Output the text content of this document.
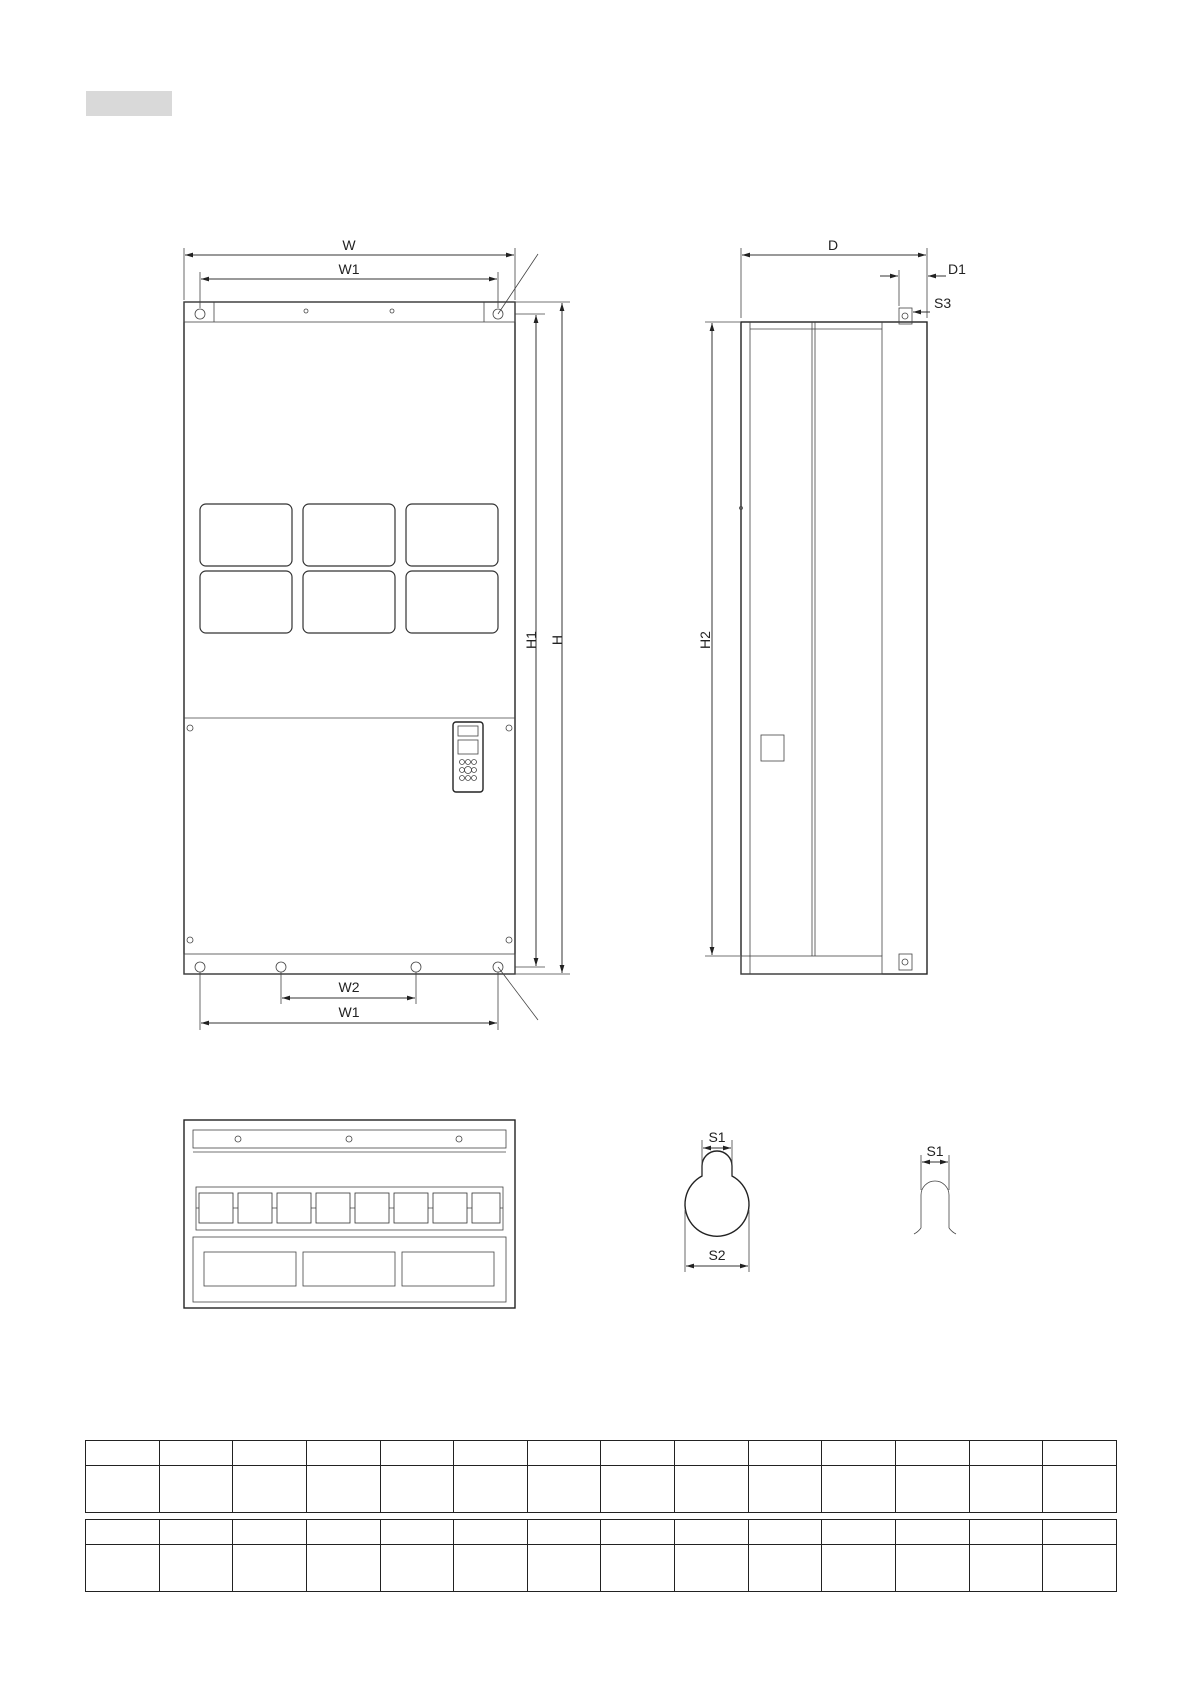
W
W1
H1 H
W2
W1
D
D1
S3
H2
S1
S2
S1
